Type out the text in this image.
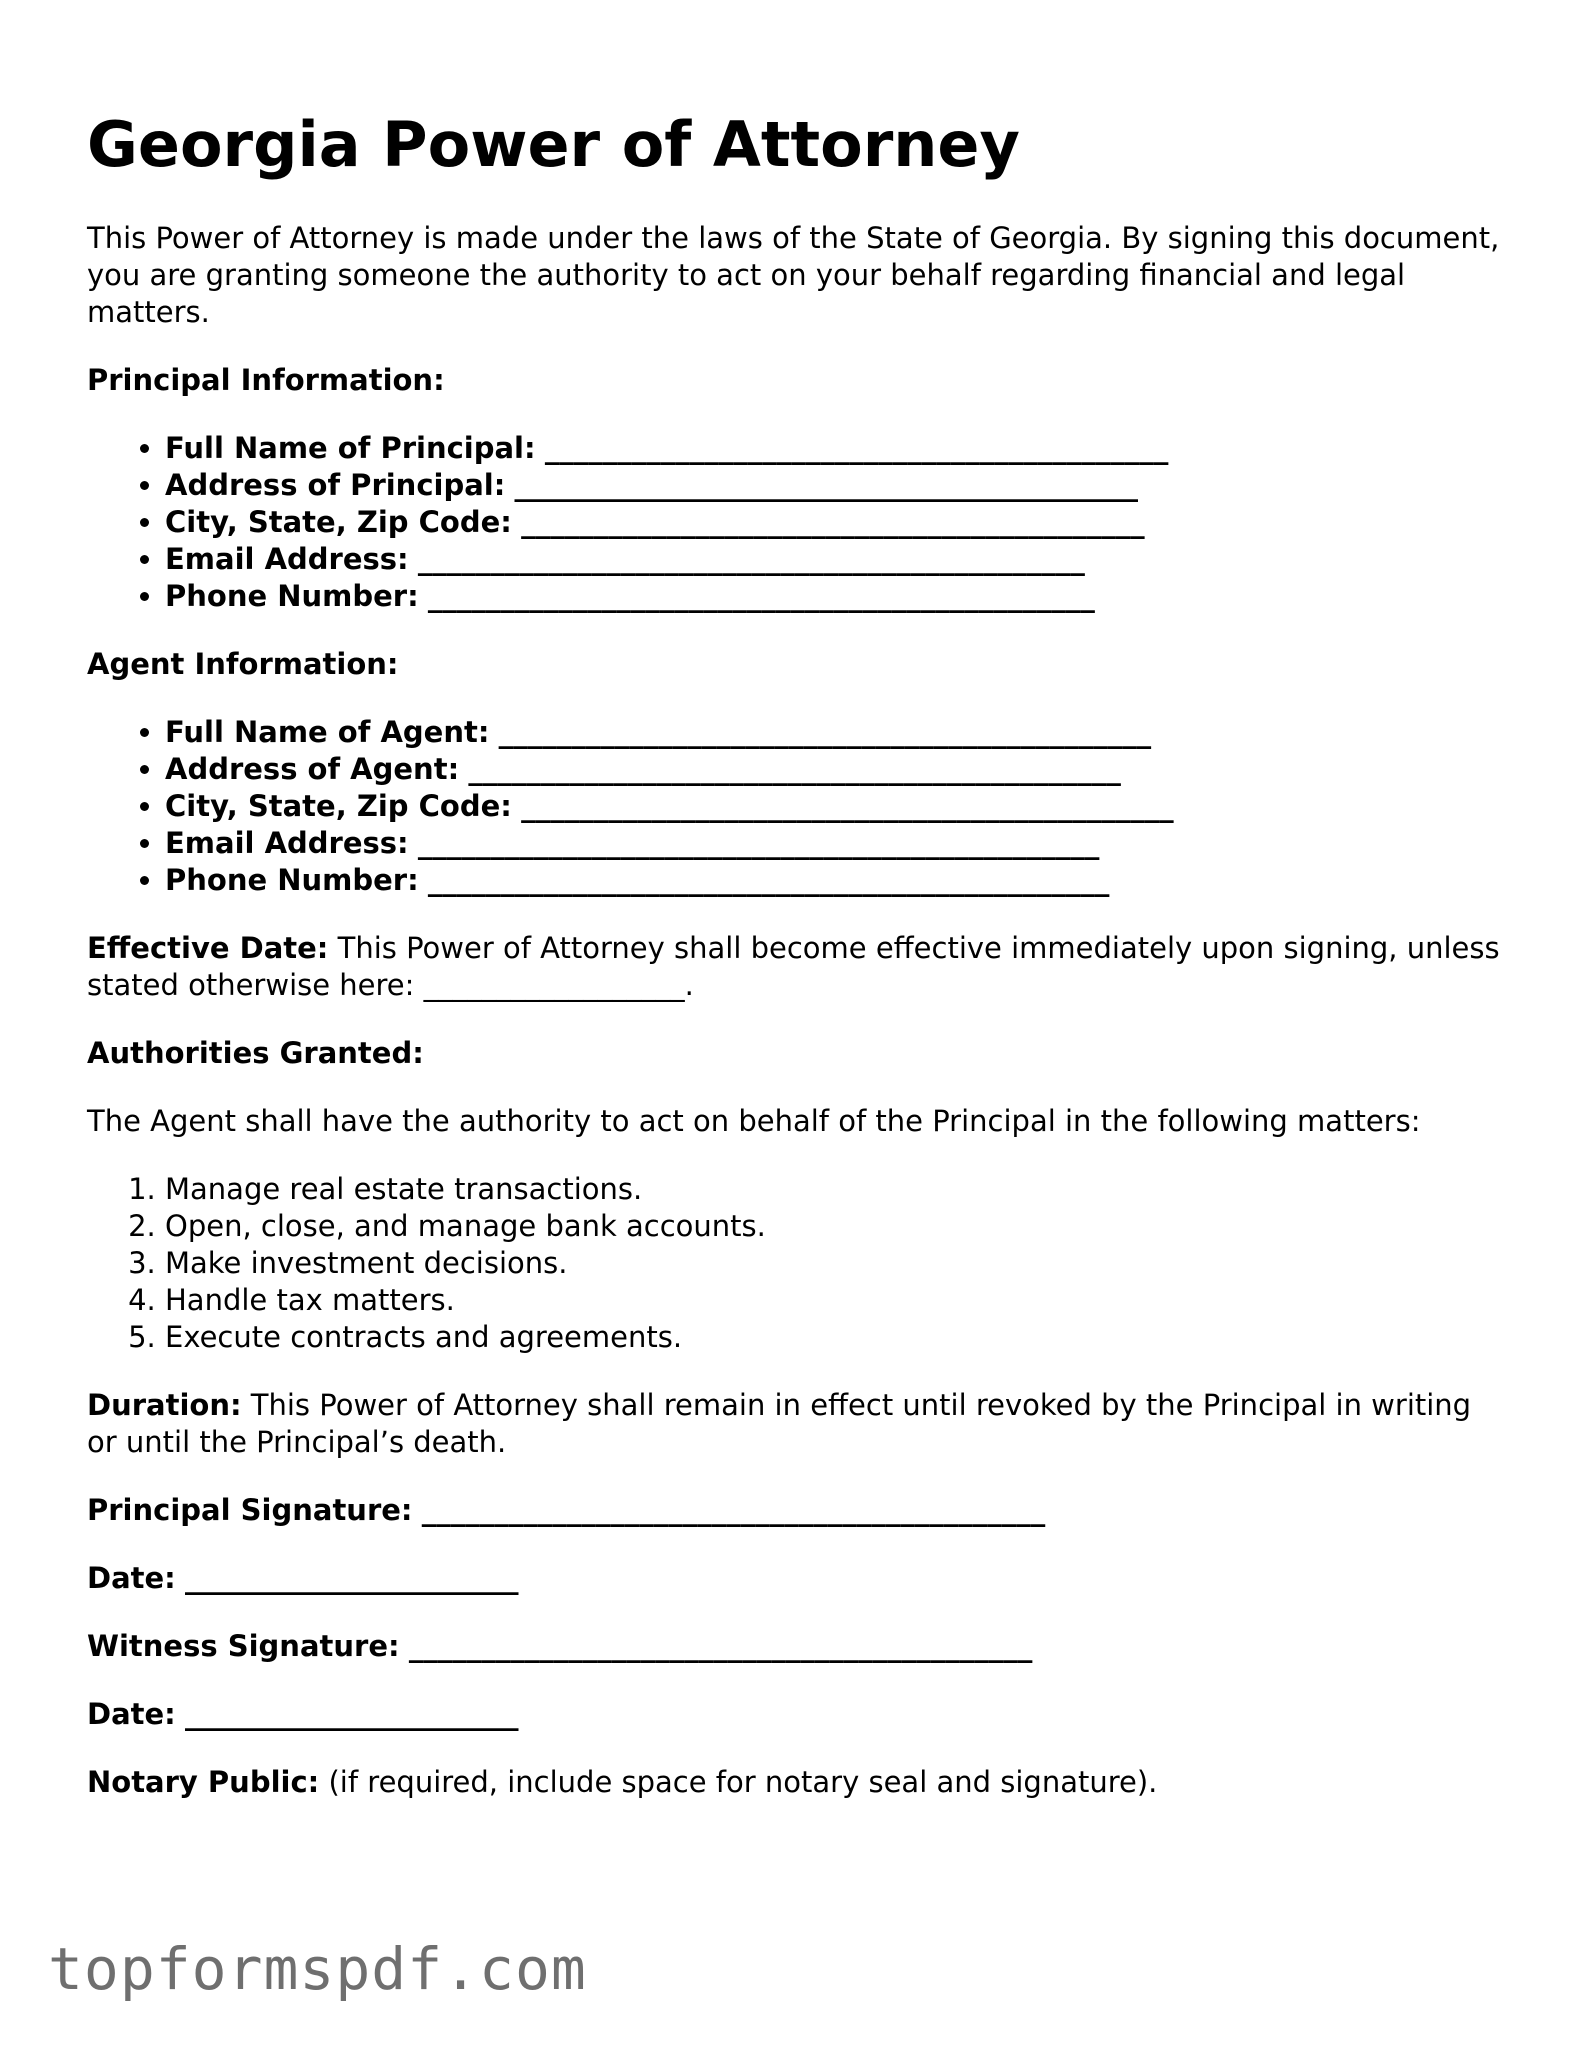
Georgia Power of Attorney

This Power of Attorney is made under the laws of the State of Georgia. By signing this document, you are granting someone the authority to act on your behalf regarding financial and legal matters.

Principal Information:

• Full Name of Principal: ___________________________________________
• Address of Principal: ___________________________________________
• City, State, Zip Code: ___________________________________________
• Email Address: ______________________________________________
• Phone Number: ______________________________________________

Agent Information:

• Full Name of Agent: _____________________________________________
• Address of Agent: _____________________________________________
• City, State, Zip Code: _____________________________________________
• Email Address: _______________________________________________
• Phone Number: _______________________________________________

Effective Date: This Power of Attorney shall become effective immediately upon signing, unless stated otherwise here: __________________.

Authorities Granted:

The Agent shall have the authority to act on behalf of the Principal in the following matters:

1. Manage real estate transactions.
2. Open, close, and manage bank accounts.
3. Make investment decisions.
4. Handle tax matters.
5. Execute contracts and agreements.

Duration: This Power of Attorney shall remain in effect until revoked by the Principal in writing or until the Principal’s death.

Principal Signature: ___________________________________________

Date: _______________________

Witness Signature: ___________________________________________

Date: _______________________

Notary Public: (if required, include space for notary seal and signature).

topformspdf.com
